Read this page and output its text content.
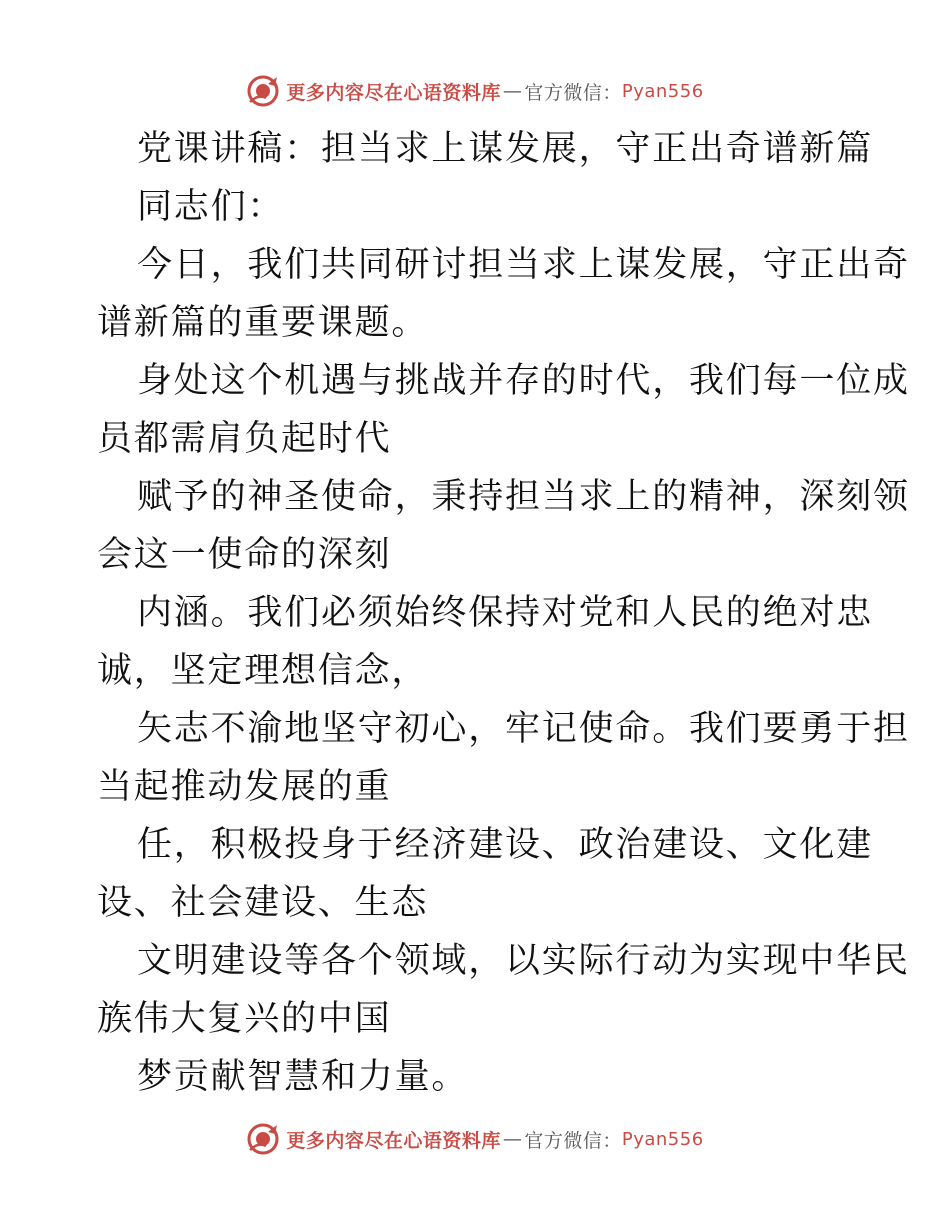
更多内容尽在心语资料库 — 官方微信： Pyan556
党课讲稿：担当求上谋发展，守正出奇谱新篇
同志们：
今日，我们共同研讨担当求上谋发展，守正出奇
谱新篇的重要课题。
身处这个机遇与挑战并存的时代，我们每一位成
员都需肩负起时代
赋予的神圣使命，秉持担当求上的精神，深刻领
会这一使命的深刻
内涵。我们必须始终保持对党和人民的绝对忠
诚，坚定理想信念，
矢志不渝地坚守初心，牢记使命。我们要勇于担
当起推动发展的重
任，积极投身于经济建设、政治建设、文化建
设、社会建设、生态
文明建设等各个领域，以实际行动为实现中华民
族伟大复兴的中国
梦贡献智慧和力量。
更多内容尽在心语资料库 — 官方微信： Pyan556
